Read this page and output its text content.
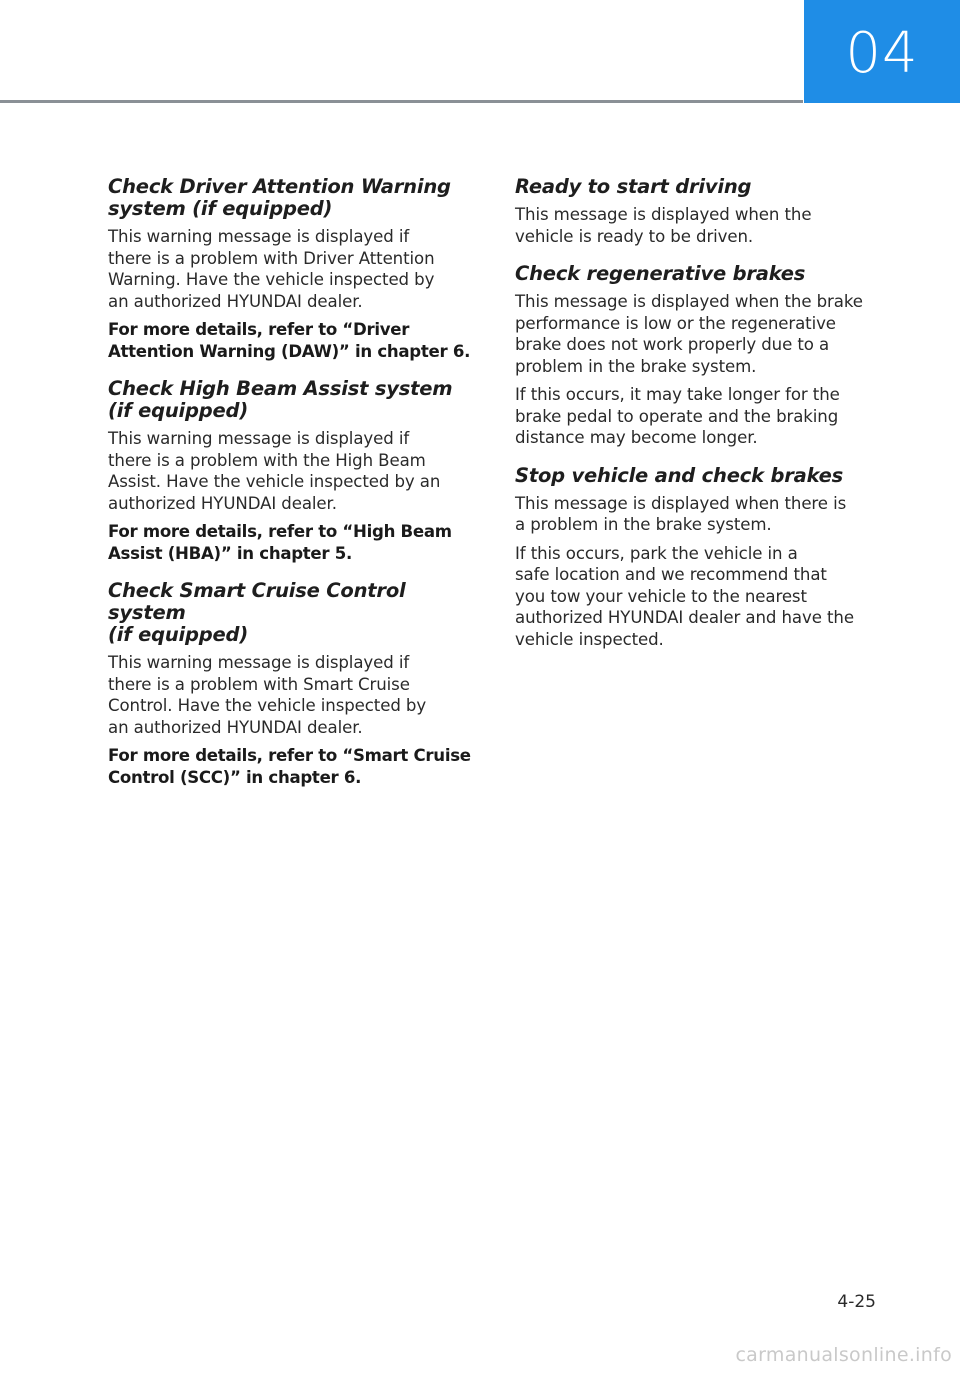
04
Check Driver Attention Warning
system (if equipped)

This warning message is displayed if
there is a problem with Driver Attention
Warning. Have the vehicle inspected by
an authorized HYUNDAI dealer.

For more details, refer to “Driver
Attention Warning (DAW)” in chapter 6.

Check High Beam Assist system
(if equipped)

This warning message is displayed if
there is a problem with the High Beam
Assist. Have the vehicle inspected by an
authorized HYUNDAI dealer.

For more details, refer to “High Beam
Assist (HBA)” in chapter 5.

Check Smart Cruise Control system
(if equipped)

This warning message is displayed if
there is a problem with Smart Cruise
Control. Have the vehicle inspected by
an authorized HYUNDAI dealer.

For more details, refer to “Smart Cruise
Control (SCC)” in chapter 6.

Ready to start driving

This message is displayed when the
vehicle is ready to be driven.

Check regenerative brakes

This message is displayed when the brake
performance is low or the regenerative
brake does not work properly due to a
problem in the brake system.

If this occurs, it may take longer for the
brake pedal to operate and the braking
distance may become longer.

Stop vehicle and check brakes

This message is displayed when there is
a problem in the brake system.

If this occurs, park the vehicle in a
safe location and we recommend that
you tow your vehicle to the nearest
authorized HYUNDAI dealer and have the
vehicle inspected.

4-25
carmanualsonline.info
